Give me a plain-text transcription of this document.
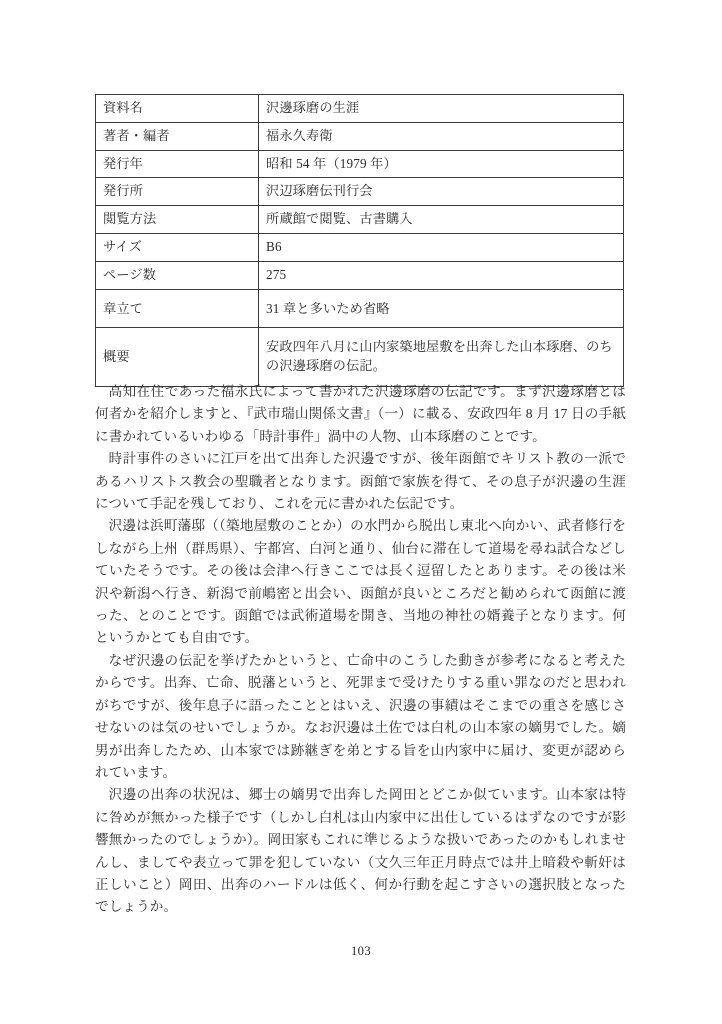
資料名	沢邊琢磨の生涯
著者・編者	福永久寿衛
発行年	昭和 54 年（1979 年）
発行所	沢辺琢磨伝刊行会
閲覧方法	所蔵館で閲覧、古書購入
サイズ	B6
ページ数	275
章立て	31 章と多いため省略
概要	安政四年八月に山内家築地屋敷を出奔した山本琢磨、のちの沢邊琢磨の伝記。

高知在住であった福永氏によって書かれた沢邊琢磨の伝記です。まず沢邊琢磨とは何者かを紹介しますと、『武市瑞山関係文書』（一）に載る、安政四年 8 月 17 日の手紙に書かれているいわゆる「時計事件」渦中の人物、山本琢磨のことです。

時計事件のさいに江戸を出て出奔した沢邊ですが、後年函館でキリスト教の一派であるハリストス教会の聖職者となります。函館で家族を得て、その息子が沢邊の生涯について手記を残しており、これを元に書かれた伝記です。

沢邊は浜町藩邸（（築地屋敷のことか）の水門から脱出し東北へ向かい、武者修行をしながら上州（群馬県）、宇都宮、白河と通り、仙台に滞在して道場を尋ね試合などしていたそうです。その後は会津へ行きここでは長く逗留したとあります。その後は米沢や新潟へ行き、新潟で前嶋密と出会い、函館が良いところだと勧められて函館に渡った、とのことです。函館では武術道場を開き、当地の神社の婿養子となります。何というかとても自由です。

なぜ沢邊の伝記を挙げたかというと、亡命中のこうした動きが参考になると考えたからです。出奔、亡命、脱藩というと、死罪まで受けたりする重い罪なのだと思われがちですが、後年息子に語ったこととはいえ、沢邊の事績はそこまでの重さを感じさせないのは気のせいでしょうか。なお沢邊は土佐では白札の山本家の嫡男でした。嫡男が出奔したため、山本家では跡継ぎを弟とする旨を山内家中に届け、変更が認められています。

沢邊の出奔の状況は、郷士の嫡男で出奔した岡田とどこか似ています。山本家は特に咎めが無かった様子です（しかし白札は山内家中に出仕しているはずなのですが影響無かったのでしょうか）。岡田家もこれに準じるような扱いであったのかもしれませんし、ましてや表立って罪を犯していない（文久三年正月時点では井上暗殺や斬奸は正しいこと）岡田、出奔のハードルは低く、何か行動を起こすさいの選択肢となったでしょうか。

103
